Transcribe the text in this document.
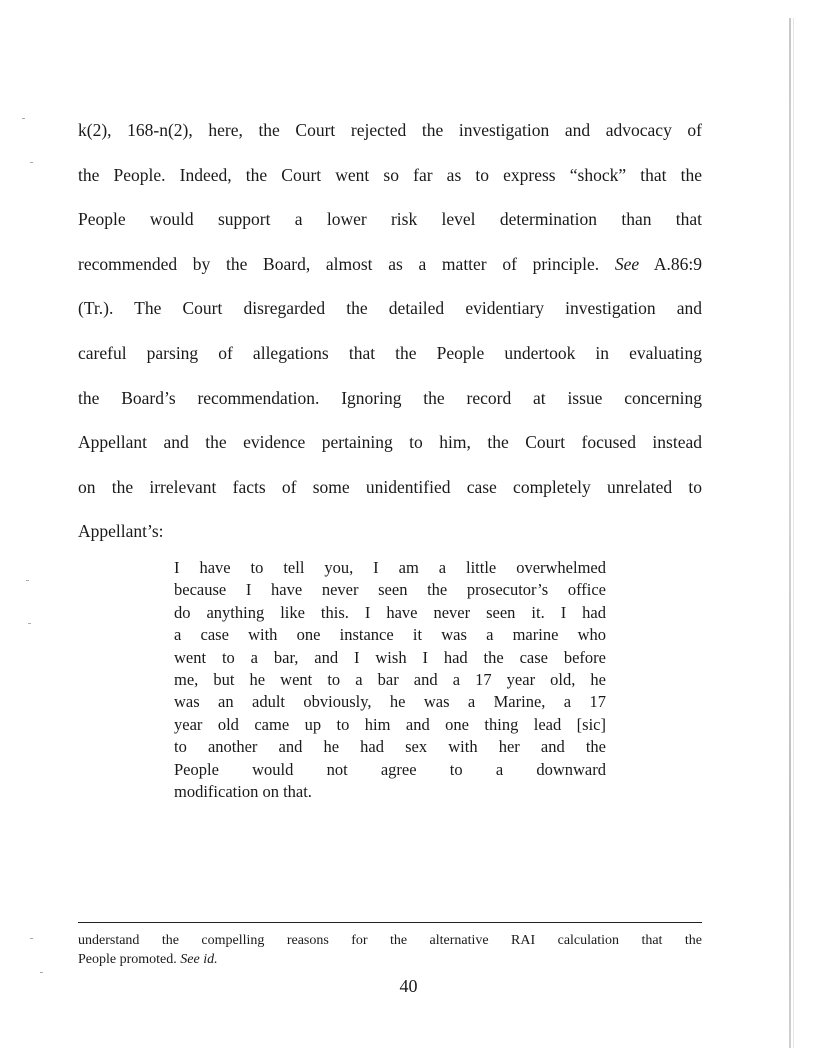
k(2), 168-n(2), here, the Court rejected the investigation and advocacy of
the People. Indeed, the Court went so far as to express “shock” that the
People would support a lower risk level determination than that
recommended by the Board, almost as a matter of principle. See A.86:9
(Tr.). The Court disregarded the detailed evidentiary investigation and
careful parsing of allegations that the People undertook in evaluating
the Board’s recommendation. Ignoring the record at issue concerning
Appellant and the evidence pertaining to him, the Court focused instead
on the irrelevant facts of some unidentified case completely unrelated to
Appellant’s:
I have to tell you, I am a little overwhelmed
because I have never seen the prosecutor’s office
do anything like this. I have never seen it. I had
a case with one instance it was a marine who
went to a bar, and I wish I had the case before
me, but he went to a bar and a 17 year old, he
was an adult obviously, he was a Marine, a 17
year old came up to him and one thing lead [sic]
to another and he had sex with her and the
People would not agree to a downward
modification on that.
understand the compelling reasons for the alternative RAI calculation that the
People promoted. See id.
40
